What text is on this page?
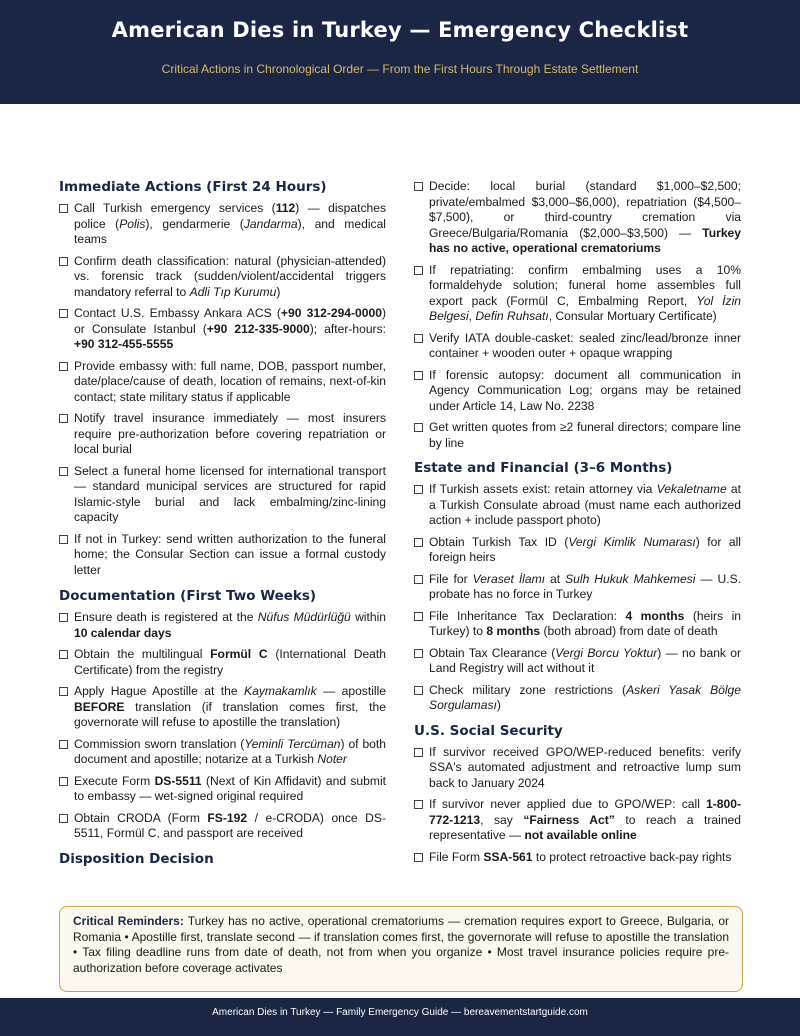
American Dies in Turkey — Emergency Checklist
Critical Actions in Chronological Order — From the First Hours Through Estate Settlement
Immediate Actions (First 24 Hours)
Call Turkish emergency services (112) — dispatches police (Polis), gendarmerie (Jandarma), and medical teams
Confirm death classification: natural (physician-attended) vs. forensic track (sudden/violent/accidental triggers mandatory referral to Adli Tıp Kurumu)
Contact U.S. Embassy Ankara ACS (+90 312-294-0000) or Consulate Istanbul (+90 212-335-9000); after-hours: +90 312-455-5555
Provide embassy with: full name, DOB, passport number, date/place/cause of death, location of remains, next-of-kin contact; state military status if applicable
Notify travel insurance immediately — most insurers require pre-authorization before covering repatriation or local burial
Select a funeral home licensed for international transport — standard municipal services are structured for rapid Islamic-style burial and lack embalming/zinc-lining capacity
If not in Turkey: send written authorization to the funeral home; the Consular Section can issue a formal custody letter
Documentation (First Two Weeks)
Ensure death is registered at the Nüfus Müdürlüğü within 10 calendar days
Obtain the multilingual Formül C (International Death Certificate) from the registry
Apply Hague Apostille at the Kaymakamlık — apostille BEFORE translation (if translation comes first, the governorate will refuse to apostille the translation)
Commission sworn translation (Yeminli Tercüman) of both document and apostille; notarize at a Turkish Noter
Execute Form DS-5511 (Next of Kin Affidavit) and submit to embassy — wet-signed original required
Obtain CRODA (Form FS-192 / e-CRODA) once DS-5511, Formül C, and passport are received
Disposition Decision
Decide: local burial (standard $1,000–$2,500; private/embalmed $3,000–$6,000), repatriation ($4,500–$7,500), or third-country cremation via Greece/Bulgaria/Romania ($2,000–$3,500) — Turkey has no active, operational crematoriums
If repatriating: confirm embalming uses a 10% formaldehyde solution; funeral home assembles full export pack (Formül C, Embalming Report, Yol İzin Belgesi, Defin Ruhsatı, Consular Mortuary Certificate)
Verify IATA double-casket: sealed zinc/lead/bronze inner container + wooden outer + opaque wrapping
If forensic autopsy: document all communication in Agency Communication Log; organs may be retained under Article 14, Law No. 2238
Get written quotes from ≥2 funeral directors; compare line by line
Estate and Financial (3–6 Months)
If Turkish assets exist: retain attorney via Vekaletname at a Turkish Consulate abroad (must name each authorized action + include passport photo)
Obtain Turkish Tax ID (Vergi Kimlik Numarası) for all foreign heirs
File for Veraset İlamı at Sulh Hukuk Mahkemesi — U.S. probate has no force in Turkey
File Inheritance Tax Declaration: 4 months (heirs in Turkey) to 8 months (both abroad) from date of death
Obtain Tax Clearance (Vergi Borcu Yoktur) — no bank or Land Registry will act without it
Check military zone restrictions (Askeri Yasak Bölge Sorgulaması)
U.S. Social Security
If survivor received GPO/WEP-reduced benefits: verify SSA's automated adjustment and retroactive lump sum back to January 2024
If survivor never applied due to GPO/WEP: call 1-800-772-1213, say “Fairness Act” to reach a trained representative — not available online
File Form SSA-561 to protect retroactive back-pay rights
Critical Reminders: Turkey has no active, operational crematoriums — cremation requires export to Greece, Bulgaria, or Romania • Apostille first, translate second — if translation comes first, the governorate will refuse to apostille the translation • Tax filing deadline runs from date of death, not from when you organize • Most travel insurance policies require pre-authorization before coverage activates
American Dies in Turkey — Family Emergency Guide — bereavementstartguide.com
